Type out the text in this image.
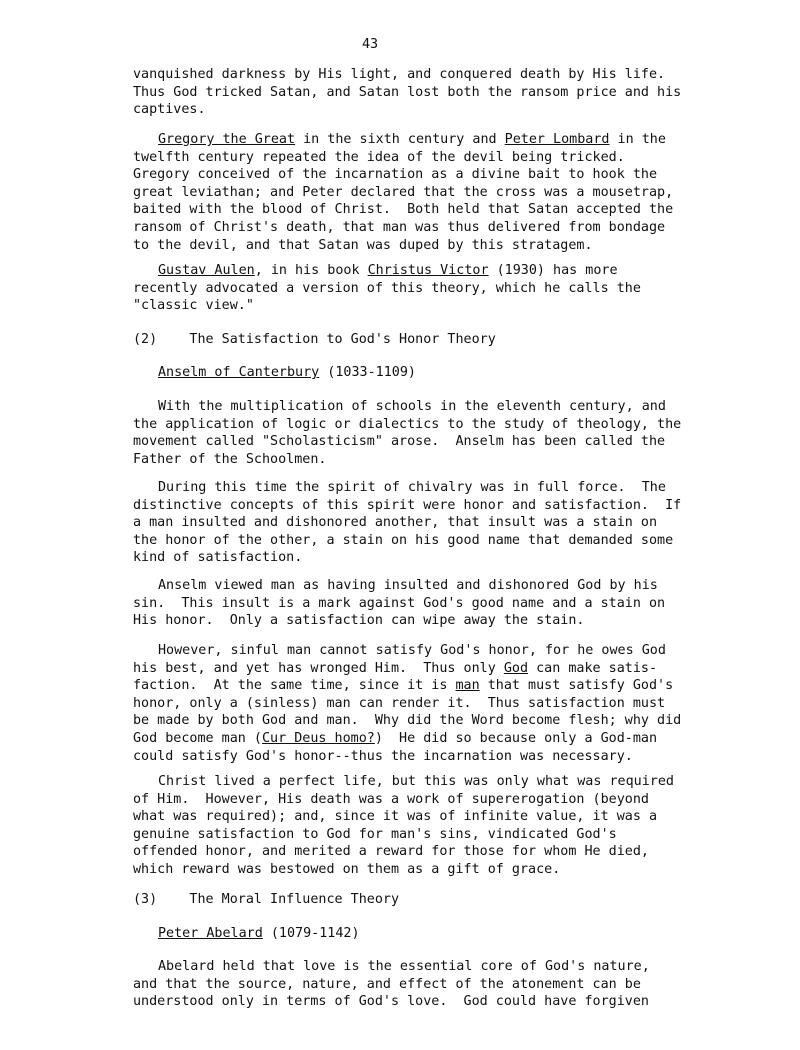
43
vanquished darkness by His light, and conquered death by His life.
Thus God tricked Satan, and Satan lost both the ransom price and his
captives.
Gregory the Great in the sixth century and Peter Lombard in the
twelfth century repeated the idea of the devil being tricked.
Gregory conceived of the incarnation as a divine bait to hook the
great leviathan; and Peter declared that the cross was a mousetrap,
baited with the blood of Christ.  Both held that Satan accepted the
ransom of Christ's death, that man was thus delivered from bondage
to the devil, and that Satan was duped by this stratagem.
Gustav Aulen, in his book Christus Victor (1930) has more
recently advocated a version of this theory, which he calls the
"classic view."
(2)    The Satisfaction to God's Honor Theory
Anselm of Canterbury (1033-1109)
With the multiplication of schools in the eleventh century, and
the application of logic or dialectics to the study of theology, the
movement called "Scholasticism" arose.  Anselm has been called the
Father of the Schoolmen.
During this time the spirit of chivalry was in full force.  The
distinctive concepts of this spirit were honor and satisfaction.  If
a man insulted and dishonored another, that insult was a stain on
the honor of the other, a stain on his good name that demanded some
kind of satisfaction.
Anselm viewed man as having insulted and dishonored God by his
sin.  This insult is a mark against God's good name and a stain on
His honor.  Only a satisfaction can wipe away the stain.
However, sinful man cannot satisfy God's honor, for he owes God
his best, and yet has wronged Him.  Thus only God can make satis-
faction.  At the same time, since it is man that must satisfy God's
honor, only a (sinless) man can render it.  Thus satisfaction must
be made by both God and man.  Why did the Word become flesh; why did
God become man (Cur Deus homo?)  He did so because only a God-man
could satisfy God's honor--thus the incarnation was necessary.
Christ lived a perfect life, but this was only what was required
of Him.  However, His death was a work of supererogation (beyond
what was required); and, since it was of infinite value, it was a
genuine satisfaction to God for man's sins, vindicated God's
offended honor, and merited a reward for those for whom He died,
which reward was bestowed on them as a gift of grace.
(3)    The Moral Influence Theory
Peter Abelard (1079-1142)
Abelard held that love is the essential core of God's nature,
and that the source, nature, and effect of the atonement can be
understood only in terms of God's love.  God could have forgiven
